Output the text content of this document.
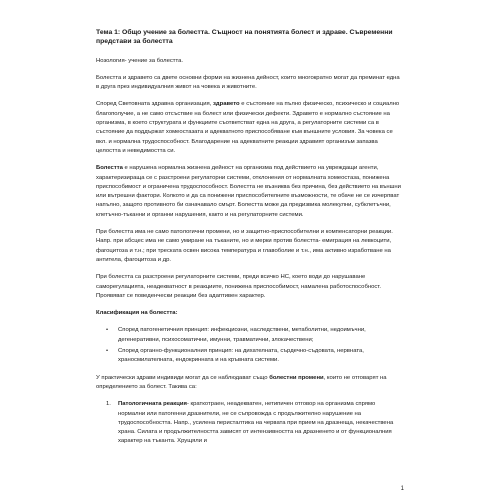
Тема 1: Общо учение за болестта. Същност на понятията болест и здраве. Съвременни представи за болестта

Нозология- учение за болестта.

Болестта и здравето са двете основни форми на жизнена дейност, които многократно могат да преминат една в друга през индивидуалния живот на човека и животните.

Според Световната здравна организация, здравето е състояние на пълно физическо, психическо и социално благополучие, а не само отсъствие на болест или физически дефекти. Здравето е нормално състояние на организма, в което структурата и функциите съответстват една на друга, а регулаторните системи са в състояние да поддържат хомеостазата и адекватното приспособяване към външните условия. За човека се вкл. и нормална трудоспособност. Благодарение на адекватните реакции здравият организъм запазва целостта и неведимостта си.

Болестта е нарушена нормална жизнена дейност на организма под действието на увреждащи агенти, характеризираща се с разстроени регулаторни системи, отклонения от нормалната хомеостаза, понижена приспособимост и ограничена трудоспособност. Болестта не възниква без причина, без действието на външни или вътрешни фактори. Колкото и да са понижени приспособителните възможности, те обаче не се изчерпват напълно, защото противното би означавало смърт. Болестта може да предизвика молекулни, субклетъчни, клетъчно-тъканни и органни нарушения, както и на регулаторните системи.

При болестта има не само патологични промени, но и защитно-приспособителни и компенсаторни реакции. Напр. при абсцес има не само умиране на тъканите, но и мерки против болестта- емиграция на левкоцити, фагоцитоза и т.н.; при треската освен висока температура и главоболие и т.н., има активно изработване на антитела, фагоцитоза и др.

При болестта са разстроени регулаторните системи, преди всичко НС, което води до нарушаване саморегулацията, неадекватност в реакциите, понижена приспособимост, намалена работоспособност. Проявяват се поведенчески реакции без адаптивен характер.

Класификация на болестта:
• Според патогенетичния принцип: инфекциозни, наследствени, метаболитни, недоимъчни, дегенеративни, психосоматични, имунни, травматични, злокачествени;
• Според органно-функционалния принцип: на дихателната, сърдечно-съдовата, нервната, храносмилателната, ендокринната и на кръвната системи.

У практически здрави индивиди могат да се наблюдават също болестни промени, които не отговарят на определението за болест. Такива са:

1. Патологичната реакция- краткотраен, неадекватен, нетипичен отговор на организма спрямо нормални или патогенни дразнители, не се съпровожда с продължително нарушение на трудоспособността. Напр., усилена перисталтика на червата при прием на дразнеща, некачествена храна. Силата и продължителността зависят от интензивността на дразненето и от функционалния характер на тъканта. Хрущяли и
1
